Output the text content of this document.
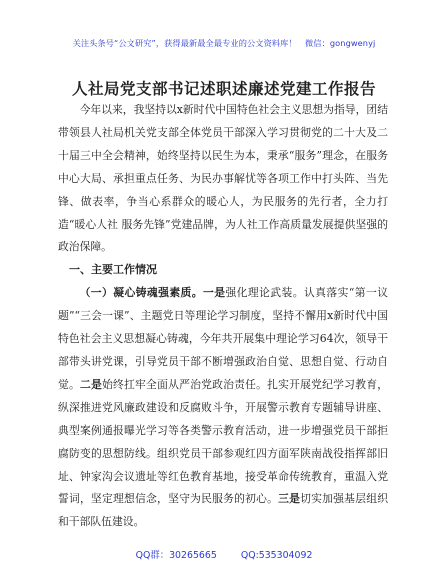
关注头条号“公文研究”，获得最新最全最专业的公文资料库！　微信：gongwenyj
人社局党支部书记述职述廉述党建工作报告

今年以来，我坚持以x新时代中国特色社会主义思想为指导，团结带领县人社局机关党支部全体党员干部深入学习贯彻党的二十大及二十届三中全会精神，始终坚持以民生为本，秉承“服务”理念，在服务中心大局、承担重点任务、为民办事解忧等各项工作中打头阵、当先锋、做表率，争当心系群众的暖心人，为民服务的先行者，全力打造“暖心人社 服务先锋”党建品牌，为人社工作高质量发展提供坚强的政治保障。

一、主要工作情况

（一）凝心铸魂强素质。一是强化理论武装。认真落实“第一议题”“三会一课”、主题党日等理论学习制度，坚持不懈用x新时代中国特色社会主义思想凝心铸魂，今年共开展集中理论学习64次，领导干部带头讲党课，引导党员干部不断增强政治自觉、思想自觉、行动自觉。二是始终扛牢全面从严治党政治责任。扎实开展党纪学习教育，纵深推进党风廉政建设和反腐败斗争，开展警示教育专题辅导讲座、典型案例通报曝光学习等各类警示教育活动，进一步增强党员干部拒腐防变的思想防线。组织党员干部参观红四方面军陕南战役指挥部旧址、钟家沟会议遗址等红色教育基地，接受革命传统教育，重温入党誓词，坚定理想信念，坚守为民服务的初心。三是切实加强基层组织和干部队伍建设。

QQ群：30265665	QQ:535304092
